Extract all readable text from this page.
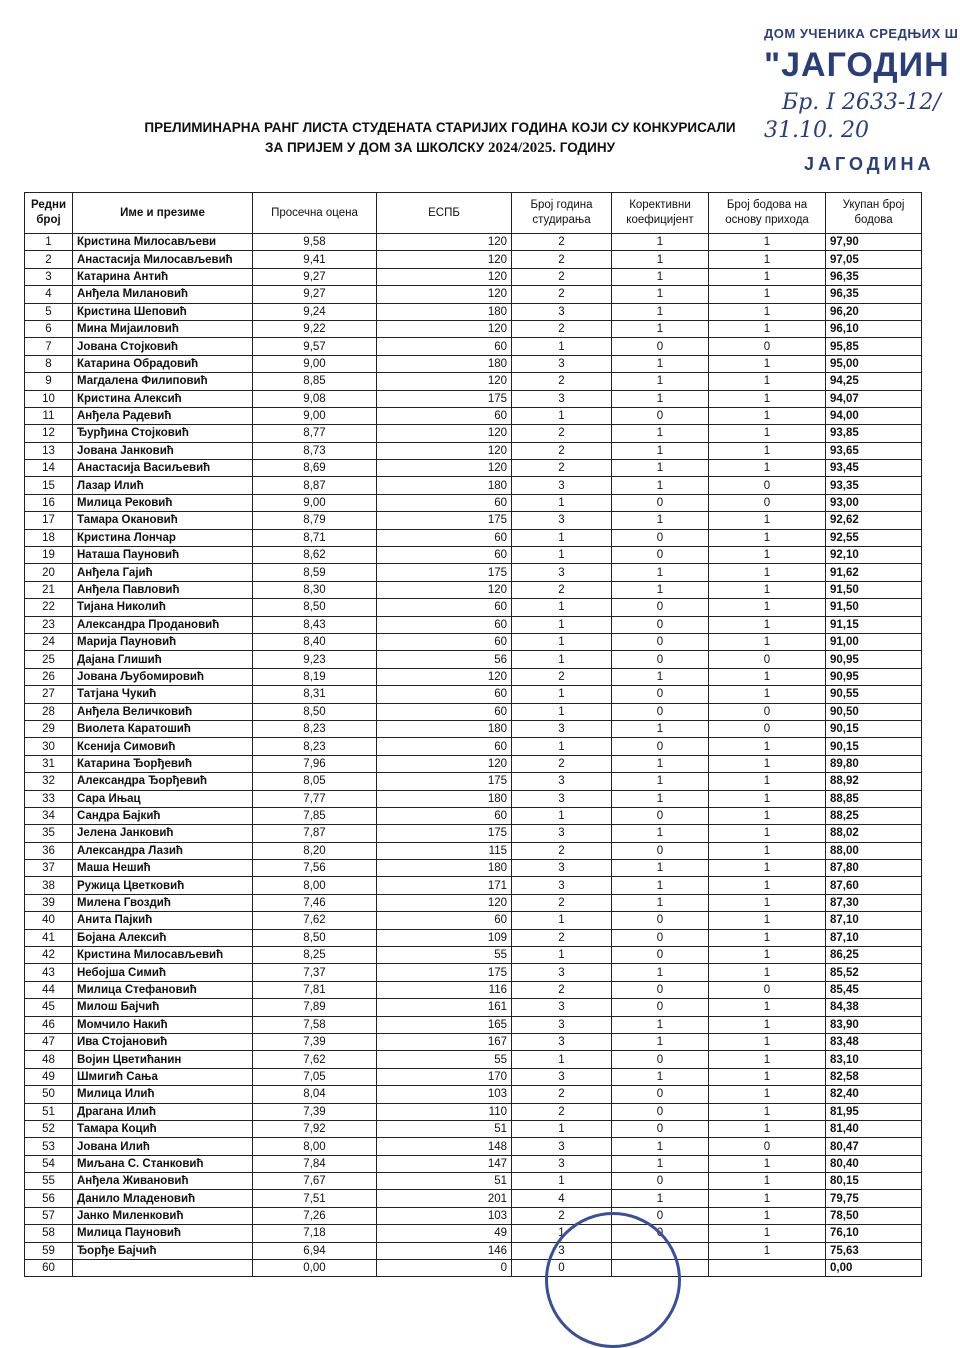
ДОМ УЧЕНИКА СРЕДЊИХ Ш
"ЈАГОДИН
Бр. I 2633-12/
31.10. 20
ЈАГОДИНА
ПРЕЛИМИНАРНА РАНГ ЛИСТА СТУДЕНАТА СТАРИЈИХ ГОДИНА КОЈИ СУ КОНКУРИСАЛИ
ЗА ПРИЈЕМ У ДОМ ЗА ШКОЛСКУ 2024/2025. ГОДИНУ
Редни број	Име и презиме	Просечна оцена	ЕСПБ	Број година студирања	Корективни коефицијент	Број бодова на основу прихода	Укупан број бодова
1	Кристина Милосављеви	9,58	120	2	1	1	97,90
2	Анастасија Милосављевић	9,41	120	2	1	1	97,05
3	Катарина Антић	9,27	120	2	1	1	96,35
4	Анђела Милановић	9,27	120	2	1	1	96,35
5	Кристина Шеповић	9,24	180	3	1	1	96,20
6	Мина Мијаиловић	9,22	120	2	1	1	96,10
7	Јована Стојковић	9,57	60	1	0	0	95,85
8	Катарина Обрадовић	9,00	180	3	1	1	95,00
9	Магдалена Филиповић	8,85	120	2	1	1	94,25
10	Кристина Алексић	9,08	175	3	1	1	94,07
11	Анђела Радевић	9,00	60	1	0	1	94,00
12	Ђурђина Стојковић	8,77	120	2	1	1	93,85
13	Јована Јанковић	8,73	120	2	1	1	93,65
14	Анастасија Васиљевић	8,69	120	2	1	1	93,45
15	Лазар Илић	8,87	180	3	1	0	93,35
16	Милица Рековић	9,00	60	1	0	0	93,00
17	Тамара Окановић	8,79	175	3	1	1	92,62
18	Кристина Лончар	8,71	60	1	0	1	92,55
19	Наташа Пауновић	8,62	60	1	0	1	92,10
20	Анђела Гајић	8,59	175	3	1	1	91,62
21	Анђела Павловић	8,30	120	2	1	1	91,50
22	Тијана Николић	8,50	60	1	0	1	91,50
23	Александра Продановић	8,43	60	1	0	1	91,15
24	Марија Пауновић	8,40	60	1	0	1	91,00
25	Дајана Глишић	9,23	56	1	0	0	90,95
26	Јована Љубомировић	8,19	120	2	1	1	90,95
27	Татјана Чукић	8,31	60	1	0	1	90,55
28	Анђела Величковић	8,50	60	1	0	0	90,50
29	Виолета Каратошић	8,23	180	3	1	0	90,15
30	Ксенија Симовић	8,23	60	1	0	1	90,15
31	Катарина Ђорђевић	7,96	120	2	1	1	89,80
32	Александра Ђорђевић	8,05	175	3	1	1	88,92
33	Сара Ињац	7,77	180	3	1	1	88,85
34	Сандра Бајкић	7,85	60	1	0	1	88,25
35	Јелена Јанковић	7,87	175	3	1	1	88,02
36	Александра Лазић	8,20	115	2	0	1	88,00
37	Маша Нешић	7,56	180	3	1	1	87,80
38	Ружица Цветковић	8,00	171	3	1	1	87,60
39	Милена Гвоздић	7,46	120	2	1	1	87,30
40	Анита Пајкић	7,62	60	1	0	1	87,10
41	Бојана Алексић	8,50	109	2	0	1	87,10
42	Кристина Милосављевић	8,25	55	1	0	1	86,25
43	Небојша Симић	7,37	175	3	1	1	85,52
44	Милица Стефановић	7,81	116	2	0	0	85,45
45	Милош Бајчић	7,89	161	3	0	1	84,38
46	Момчило Накић	7,58	165	3	1	1	83,90
47	Ива Стојановић	7,39	167	3	1	1	83,48
48	Војин Цветићанин	7,62	55	1	0	1	83,10
49	Шмигић Сања	7,05	170	3	1	1	82,58
50	Милица Илић	8,04	103	2	0	1	82,40
51	Драгана Илић	7,39	110	2	0	1	81,95
52	Тамара Коцић	7,92	51	1	0	1	81,40
53	Јована Илић	8,00	148	3	1	0	80,47
54	Миљана С. Станковић	7,84	147	3	1	1	80,40
55	Анђела Живановић	7,67	51	1	0	1	80,15
56	Данило Младеновић	7,51	201	4	1	1	79,75
57	Јанко Миленковић	7,26	103	2	0	1	78,50
58	Милица Пауновић	7,18	49	1	0	1	76,10
59	Ђорђе Бајчић	6,94	146	3		1	75,63
60		0,00	0	0			0,00
